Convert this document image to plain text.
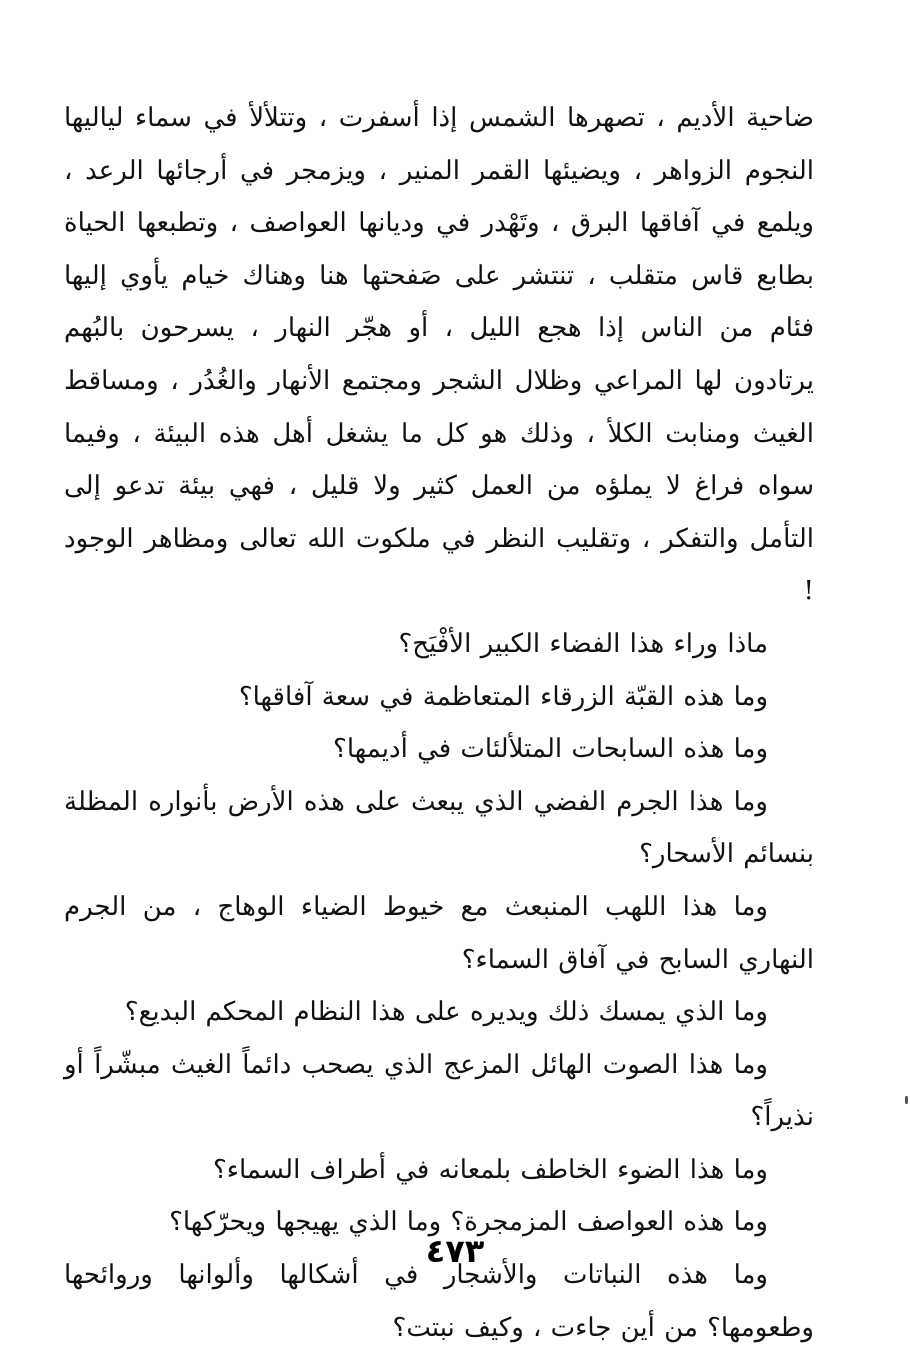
ضاحية الأديم ، تصهرها الشمس إذا أسفرت ، وتتلألأ في سماء لياليها النجوم الزواهر ، ويضيئها القمر المنير ، ويزمجر في أرجائها الرعد ، ويلمع في آفاقها البرق ، وتَهْدر في وديانها العواصف ، وتطبعها الحياة بطابع قاس متقلب ، تنتشر على صَفحتها هنا وهناك خيام يأوي إليها فئام من الناس إذا هجع الليل ، أو هجّر النهار ، يسرحون بالبُهم يرتادون لها المراعي وظلال الشجر ومجتمع الأنهار والغُدُر ، ومساقط الغيث ومنابت الكلأ ، وذلك هو كل ما يشغل أهل هذه البيئة ، وفيما سواه فراغ لا يملؤه من العمل كثير ولا قليل ، فهي بيئة تدعو إلى التأمل والتفكر ، وتقليب النظر في ملكوت الله تعالى ومظاهر الوجود !

ماذا وراء هذا الفضاء الكبير الأفْيَح؟

وما هذه القبّة الزرقاء المتعاظمة في سعة آفاقها؟

وما هذه السابحات المتلألئات في أديمها؟

وما هذا الجرم الفضي الذي يبعث على هذه الأرض بأنواره المظلة بنسائم الأسحار؟

وما هذا اللهب المنبعث مع خيوط الضياء الوهاج ، من الجرم النهاري السابح في آفاق السماء؟

وما الذي يمسك ذلك ويديره على هذا النظام المحكم البديع؟

وما هذا الصوت الهائل المزعج الذي يصحب دائماً الغيث مبشّراً أو نذيراً؟

وما هذا الضوء الخاطف بلمعانه في أطراف السماء؟

وما هذه العواصف المزمجرة؟ وما الذي يهيجها ويحرّكها؟

وما هذه النباتات والأشجار في أشكالها وألوانها وروائحها وطعومها؟ من أين جاءت ، وكيف نبتت؟

٤٧٣
